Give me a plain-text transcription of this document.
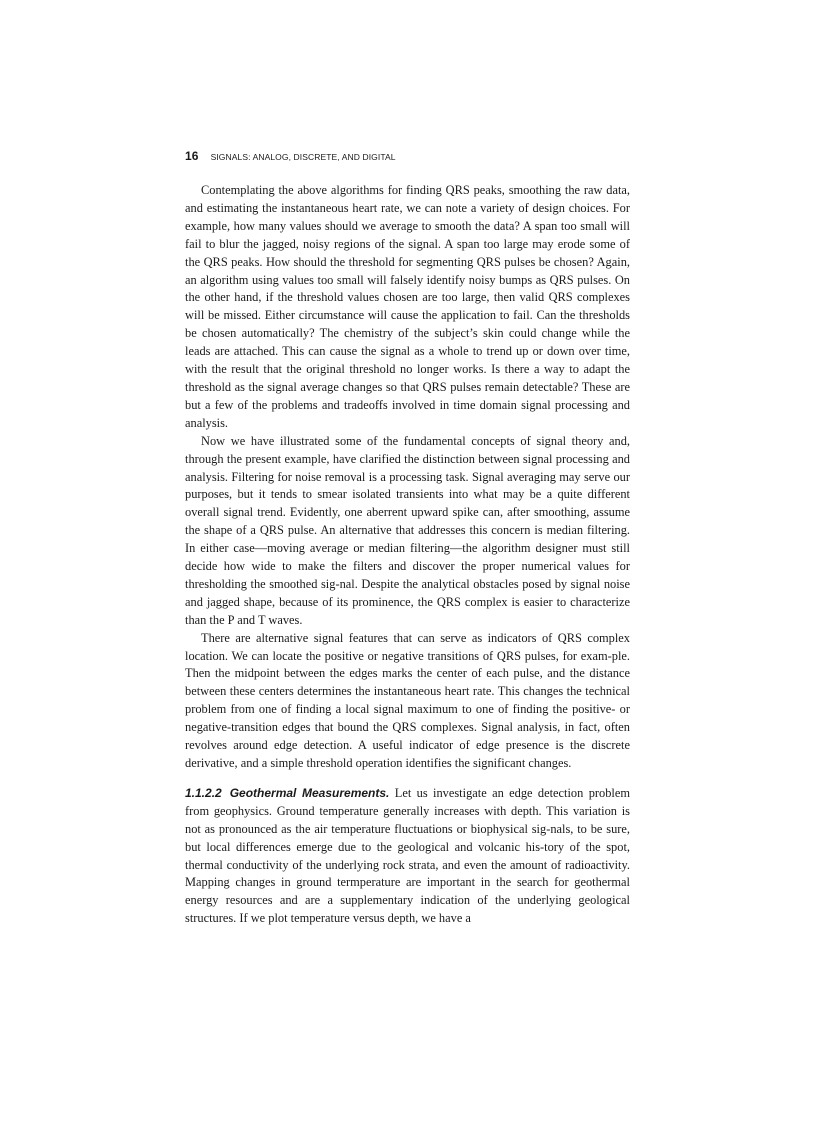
16 SIGNALS: ANALOG, DISCRETE, AND DIGITAL

Contemplating the above algorithms for finding QRS peaks, smoothing the raw data, and estimating the instantaneous heart rate, we can note a variety of design choices. For example, how many values should we average to smooth the data? A span too small will fail to blur the jagged, noisy regions of the signal. A span too large may erode some of the QRS peaks. How should the threshold for segmenting QRS pulses be chosen? Again, an algorithm using values too small will falsely identify noisy bumps as QRS pulses. On the other hand, if the threshold values chosen are too large, then valid QRS complexes will be missed. Either circumstance will cause the application to fail. Can the thresholds be chosen automatically? The chemistry of the subject’s skin could change while the leads are attached. This can cause the signal as a whole to trend up or down over time, with the result that the original threshold no longer works. Is there a way to adapt the threshold as the signal average changes so that QRS pulses remain detectable? These are but a few of the problems and tradeoffs involved in time domain signal processing and analysis.

Now we have illustrated some of the fundamental concepts of signal theory and, through the present example, have clarified the distinction between signal processing and analysis. Filtering for noise removal is a processing task. Signal averaging may serve our purposes, but it tends to smear isolated transients into what may be a quite different overall signal trend. Evidently, one aberrent upward spike can, after smoothing, assume the shape of a QRS pulse. An alternative that addresses this concern is median filtering. In either case—moving average or median filtering—the algorithm designer must still decide how wide to make the filters and discover the proper numerical values for thresholding the smoothed sig-nal. Despite the analytical obstacles posed by signal noise and jagged shape, because of its prominence, the QRS complex is easier to characterize than the P and T waves.

There are alternative signal features that can serve as indicators of QRS complex location. We can locate the positive or negative transitions of QRS pulses, for exam-ple. Then the midpoint between the edges marks the center of each pulse, and the distance between these centers determines the instantaneous heart rate. This changes the technical problem from one of finding a local signal maximum to one of finding the positive- or negative-transition edges that bound the QRS complexes. Signal analysis, in fact, often revolves around edge detection. A useful indicator of edge presence is the discrete derivative, and a simple threshold operation identifies the significant changes.

1.1.2.2 Geothermal Measurements. Let us investigate an edge detection problem from geophysics. Ground temperature generally increases with depth. This variation is not as pronounced as the air temperature fluctuations or biophysical sig-nals, to be sure, but local differences emerge due to the geological and volcanic his-tory of the spot, thermal conductivity of the underlying rock strata, and even the amount of radioactivity. Mapping changes in ground termperature are important in the search for geothermal energy resources and are a supplementary indication of the underlying geological structures. If we plot temperature versus depth, we have a
